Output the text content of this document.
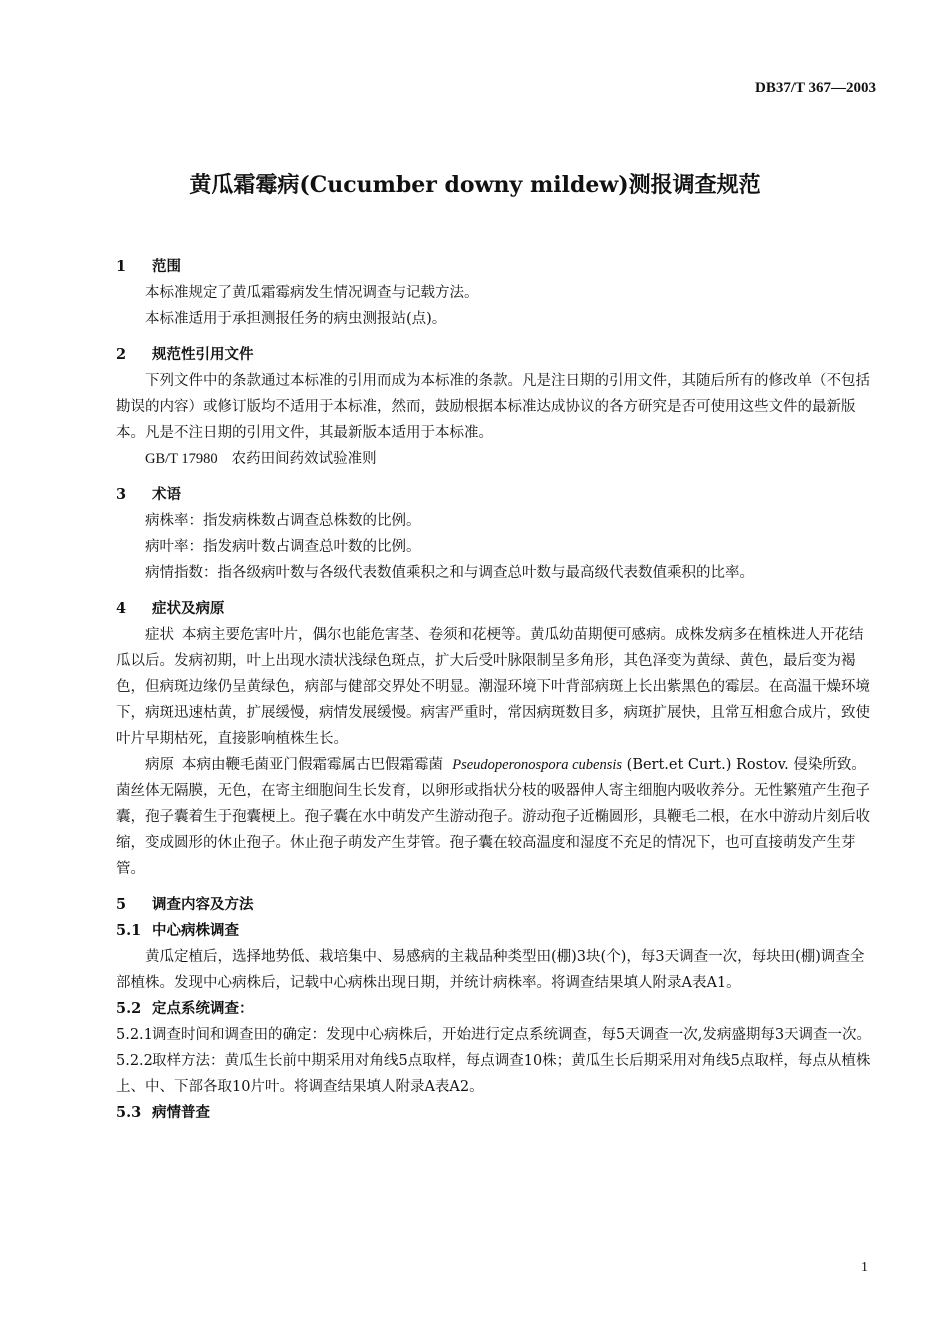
DB37/T 367—2003
黄瓜霜霉病(Cucumber downy mildew)测报调查规范
1 范围

本标准规定了黄瓜霜霉病发生情况调查与记载方法。

本标准适用于承担测报任务的病虫测报站(点)。

2 规范性引用文件

下列文件中的条款通过本标准的引用而成为本标准的条款。凡是注日期的引用文件，其随后所有的修改单（不包括勘误的内容）或修订版均不适用于本标准，然而，鼓励根据本标准达成协议的各方研究是否可使用这些文件的最新版本。凡是不注日期的引用文件，其最新版本适用于本标准。

GB/T 17980 农药田间药效试验准则

3 术语

病株率：指发病株数占调查总株数的比例。

病叶率：指发病叶数占调查总叶数的比例。

病情指数：指各级病叶数与各级代表数值乘积之和与调查总叶数与最高级代表数值乘积的比率。

4 症状及病原

症状 本病主要危害叶片，偶尔也能危害茎、卷须和花梗等。黄瓜幼苗期便可感病。成株发病多在植株进人开花结瓜以后。发病初期，叶上出现水渍状浅绿色斑点，扩大后受叶脉限制呈多角形，其色泽变为黄绿、黄色，最后变为褐色，但病斑边缘仍呈黄绿色，病部与健部交界处不明显。潮湿环境下叶背部病斑上长出紫黑色的霉层。在高温干燥环境下，病斑迅速枯黄，扩展缓慢，病情发展缓慢。病害严重时，常因病斑数目多，病斑扩展快，且常互相愈合成片，致使叶片早期枯死，直接影响植株生长。

病原 本病由鞭毛菌亚门假霜霉属古巴假霜霉菌 Pseudoperonospora cubensis (Bert.et Curt.) Rostov. 侵染所致。菌丝体无隔膜，无色，在寄主细胞间生长发育，以卵形或指状分枝的吸器伸人寄主细胞内吸收养分。无性繁殖产生孢子囊，孢子囊着生于孢囊梗上。孢子囊在水中萌发产生游动孢子。游动孢子近椭圆形，具鞭毛二根，在水中游动片刻后收缩，变成圆形的休止孢子。休止孢子萌发产生芽管。孢子囊在较高温度和湿度不充足的情况下，也可直接萌发产生芽管。

5 调查内容及方法
5.1 中心病株调查

黄瓜定植后，选择地势低、栽培集中、易感病的主栽品种类型田(棚)3块(个)，每3天调查一次，每块田(棚)调查全部植株。发现中心病株后，记载中心病株出现日期，并统计病株率。将调查结果填人附录A表A1。

5.2 定点系统调查：

5.2.1调查时间和调查田的确定：发现中心病株后，开始进行定点系统调查，每5天调查一次,发病盛期每3天调查一次。

5.2.2取样方法：黄瓜生长前中期采用对角线5点取样，每点调查10株；黄瓜生长后期采用对角线5点取样，每点从植株上、中、下部各取10片叶。将调查结果填人附录A表A2。

5.3 病情普查
1
